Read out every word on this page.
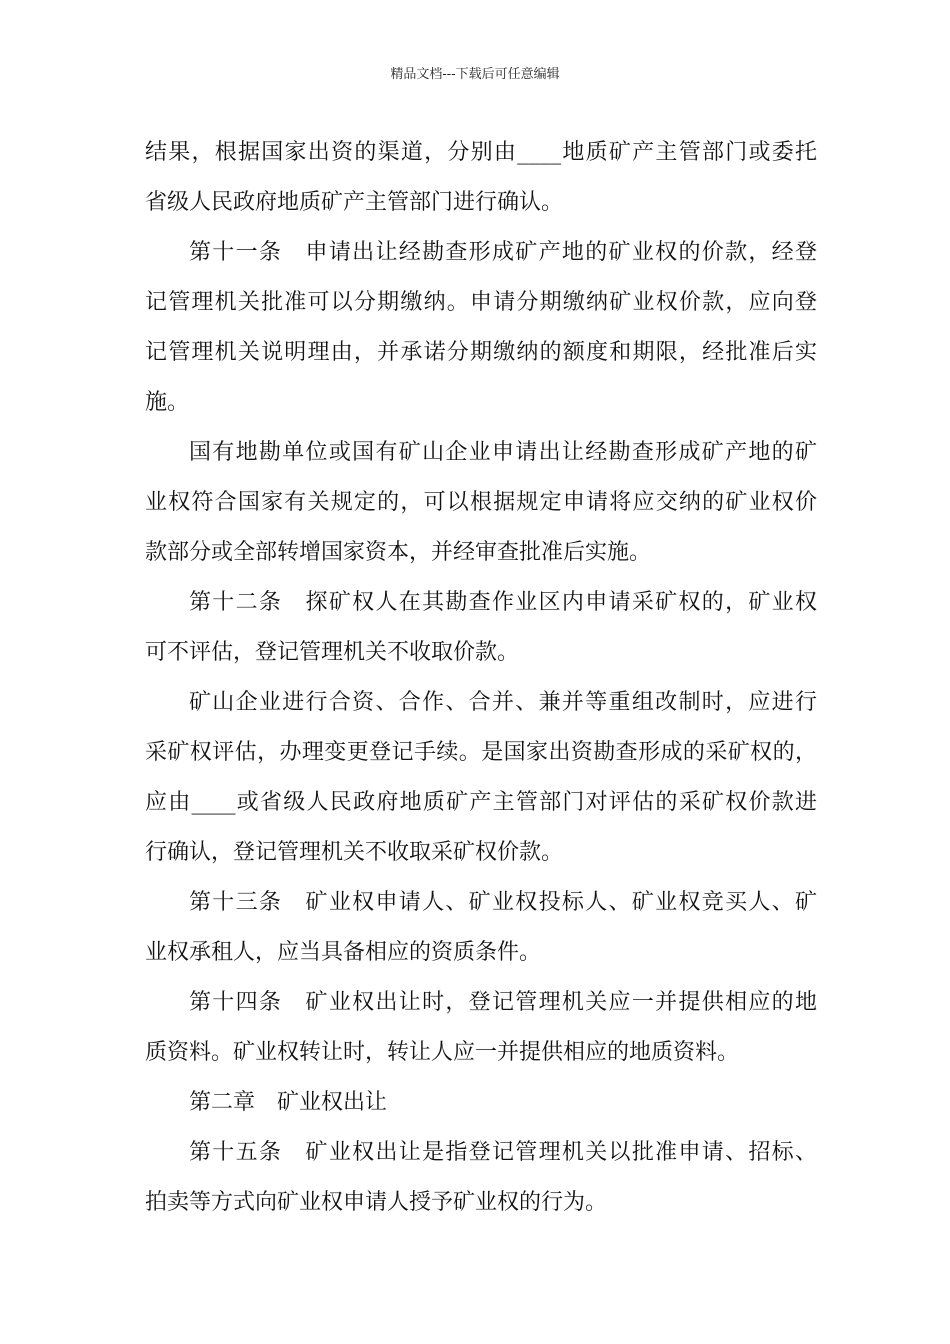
精品文档---下载后可任意编辑
结果，根据国家出资的渠道，分别由____地质矿产主管部门或委托
省级人民政府地质矿产主管部门进行确认。
第十一条　申请出让经勘查形成矿产地的矿业权的价款，经登
记管理机关批准可以分期缴纳。申请分期缴纳矿业权价款，应向登
记管理机关说明理由，并承诺分期缴纳的额度和期限，经批准后实
施。
国有地勘单位或国有矿山企业申请出让经勘查形成矿产地的矿
业权符合国家有关规定的，可以根据规定申请将应交纳的矿业权价
款部分或全部转增国家资本，并经审查批准后实施。
第十二条　探矿权人在其勘查作业区内申请采矿权的，矿业权
可不评估，登记管理机关不收取价款。
矿山企业进行合资、合作、合并、兼并等重组改制时，应进行
采矿权评估，办理变更登记手续。是国家出资勘查形成的采矿权的，
应由____或省级人民政府地质矿产主管部门对评估的采矿权价款进
行确认，登记管理机关不收取采矿权价款。
第十三条　矿业权申请人、矿业权投标人、矿业权竞买人、矿
业权承租人，应当具备相应的资质条件。
第十四条　矿业权出让时，登记管理机关应一并提供相应的地
质资料。矿业权转让时，转让人应一并提供相应的地质资料。
第二章　矿业权出让
第十五条　矿业权出让是指登记管理机关以批准申请、招标、
拍卖等方式向矿业权申请人授予矿业权的行为。
